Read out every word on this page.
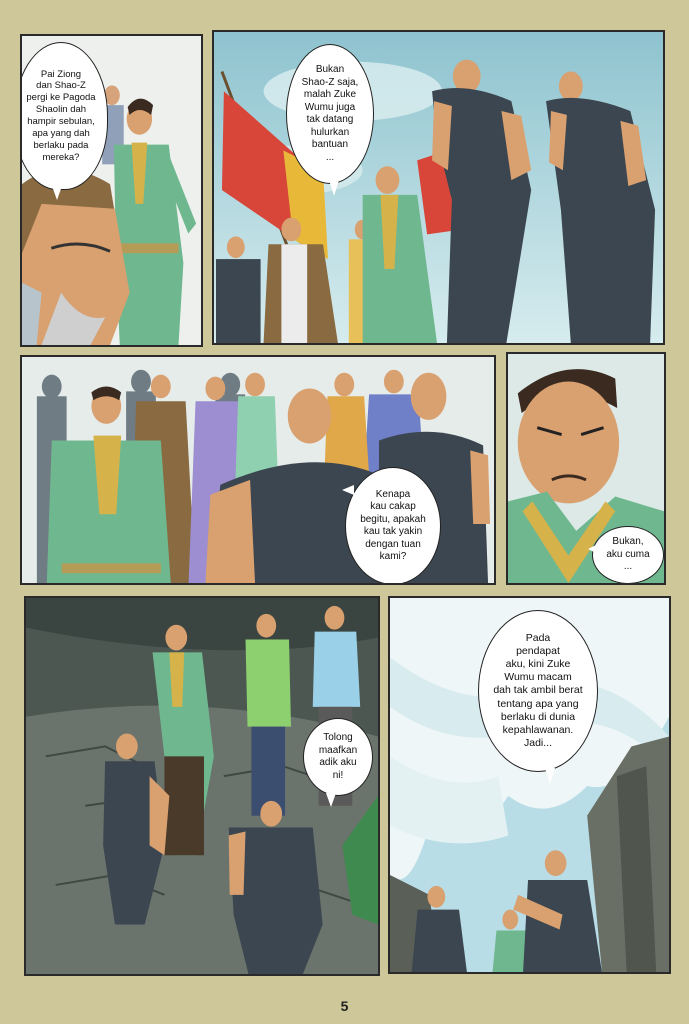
Pai Ziong
dan Shao-Z
pergi ke Pagoda
Shaolin dah
hampir sebulan,
apa yang dah
berlaku pada
mereka?
Bukan
Shao-Z saja,
malah Zuke
Wumu juga
tak datang
hulurkan
bantuan
...
Kenapa
kau cakap
begitu, apakah
kau tak yakin
dengan tuan
kami?
Bukan,
aku cuma
...
Tolong
maafkan
adik aku
ni!
Pada
pendapat
aku, kini Zuke
Wumu macam
dah tak ambil berat
tentang apa yang
berlaku di dunia
kepahlawanan.
Jadi...
5
